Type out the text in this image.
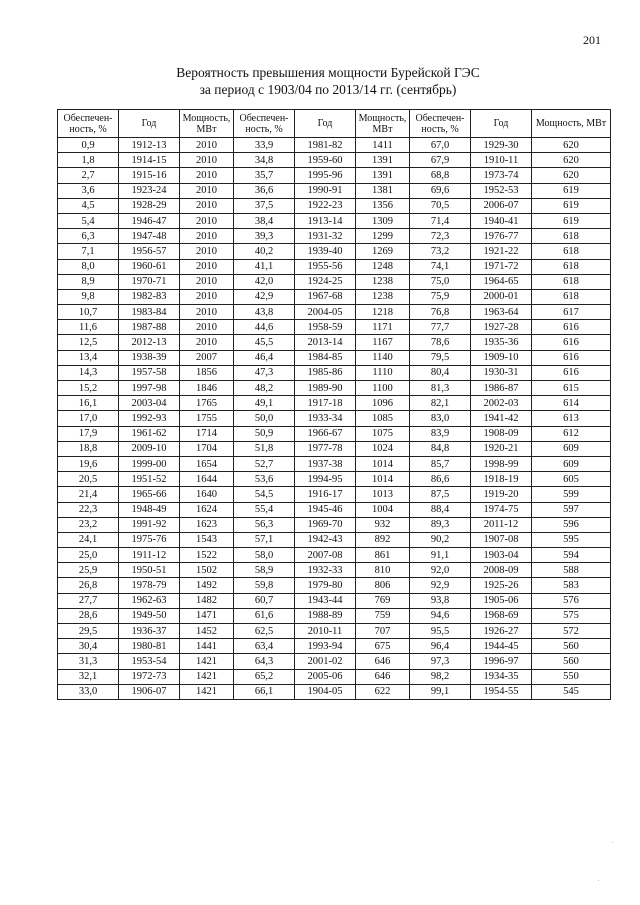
201
Вероятность превышения мощности Бурейской ГЭС
за период с 1903/04 по 2013/14 гг. (сентябрь)
Обеспечен-ность, %	Год	Мощность, МВт	Обеспечен-ность, %	Год	Мощность, МВт	Обеспечен-ность, %	Год	Мощность, МВт
0,9	1912-13	2010	33,9	1981-82	1411	67,0	1929-30	620
1,8	1914-15	2010	34,8	1959-60	1391	67,9	1910-11	620
2,7	1915-16	2010	35,7	1995-96	1391	68,8	1973-74	620
3,6	1923-24	2010	36,6	1990-91	1381	69,6	1952-53	619
4,5	1928-29	2010	37,5	1922-23	1356	70,5	2006-07	619
5,4	1946-47	2010	38,4	1913-14	1309	71,4	1940-41	619
6,3	1947-48	2010	39,3	1931-32	1299	72,3	1976-77	618
7,1	1956-57	2010	40,2	1939-40	1269	73,2	1921-22	618
8,0	1960-61	2010	41,1	1955-56	1248	74,1	1971-72	618
8,9	1970-71	2010	42,0	1924-25	1238	75,0	1964-65	618
9,8	1982-83	2010	42,9	1967-68	1238	75,9	2000-01	618
10,7	1983-84	2010	43,8	2004-05	1218	76,8	1963-64	617
11,6	1987-88	2010	44,6	1958-59	1171	77,7	1927-28	616
12,5	2012-13	2010	45,5	2013-14	1167	78,6	1935-36	616
13,4	1938-39	2007	46,4	1984-85	1140	79,5	1909-10	616
14,3	1957-58	1856	47,3	1985-86	1110	80,4	1930-31	616
15,2	1997-98	1846	48,2	1989-90	1100	81,3	1986-87	615
16,1	2003-04	1765	49,1	1917-18	1096	82,1	2002-03	614
17,0	1992-93	1755	50,0	1933-34	1085	83,0	1941-42	613
17,9	1961-62	1714	50,9	1966-67	1075	83,9	1908-09	612
18,8	2009-10	1704	51,8	1977-78	1024	84,8	1920-21	609
19,6	1999-00	1654	52,7	1937-38	1014	85,7	1998-99	609
20,5	1951-52	1644	53,6	1994-95	1014	86,6	1918-19	605
21,4	1965-66	1640	54,5	1916-17	1013	87,5	1919-20	599
22,3	1948-49	1624	55,4	1945-46	1004	88,4	1974-75	597
23,2	1991-92	1623	56,3	1969-70	932	89,3	2011-12	596
24,1	1975-76	1543	57,1	1942-43	892	90,2	1907-08	595
25,0	1911-12	1522	58,0	2007-08	861	91,1	1903-04	594
25,9	1950-51	1502	58,9	1932-33	810	92,0	2008-09	588
26,8	1978-79	1492	59,8	1979-80	806	92,9	1925-26	583
27,7	1962-63	1482	60,7	1943-44	769	93,8	1905-06	576
28,6	1949-50	1471	61,6	1988-89	759	94,6	1968-69	575
29,5	1936-37	1452	62,5	2010-11	707	95,5	1926-27	572
30,4	1980-81	1441	63,4	1993-94	675	96,4	1944-45	560
31,3	1953-54	1421	64,3	2001-02	646	97,3	1996-97	560
32,1	1972-73	1421	65,2	2005-06	646	98,2	1934-35	550
33,0	1906-07	1421	66,1	1904-05	622	99,1	1954-55	545
